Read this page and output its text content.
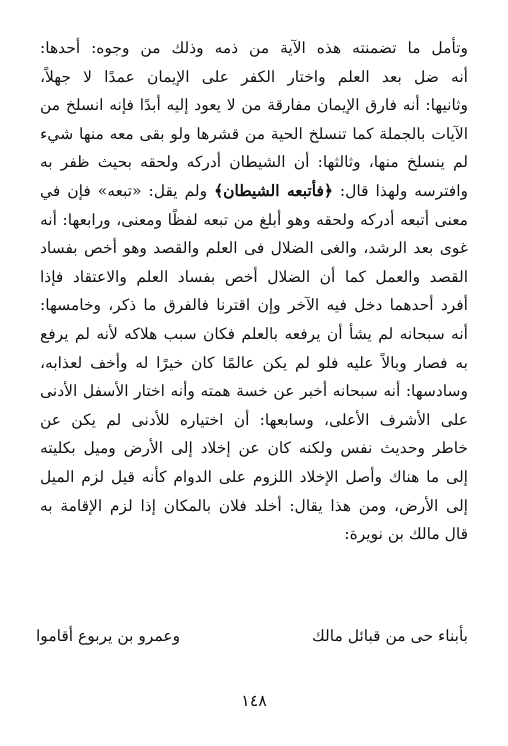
وتأمل ما تضمنته هذه الآية من ذمه وذلك من وجوه: أحدها:
أنه ضل بعد العلم واختار الكفر على الإيمان عمدًا لا جهلاً،
وثانيها: أنه فارق الإيمان مفارقة من لا يعود إليه أبدًا فإنه انسلخ من
الآيات بالجملة كما تنسلخ الحية من قشرها ولو بقى معه منها شيء
لم ينسلخ منها، وثالثها: أن الشيطان أدركه ولحقه بحيث ظفر به
وافترسه ولهذا قال: ﴿فأتبعه الشيطان﴾ ولم يقل: «تبعه» فإن في
معنى أتبعه أدركه ولحقه وهو أبلغ من تبعه لفظًا ومعنى، ورابعها: أنه
غوى بعد الرشد، والغى الضلال فى العلم والقصد وهو أخص بفساد
القصد والعمل كما أن الضلال أخص بفساد العلم والاعتقاد فإذا
أفرد أحدهما دخل فيه الآخر وإن اقترنا فالفرق ما ذكر، وخامسها:
أنه سبحانه لم يشأ أن يرفعه بالعلم فكان سبب هلاكه لأنه لم يرفع
به فصار وبالاً عليه فلو لم يكن عالمًا كان خيرًا له وأخف لعذابه،
وسادسها: أنه سبحانه أخبر عن خسة همته وأنه اختار الأسفل الأدنى
على الأشرف الأعلى، وسابعها: أن اختياره للأدنى لم يكن عن
خاطر وحديث نفس ولكنه كان عن إخلاد إلى الأرض وميل بكليته
إلى ما هناك وأصل الإخلاد اللزوم على الدوام كأنه قيل لزم الميل
إلى الأرض، ومن هذا يقال: أخلد فلان بالمكان إذا لزم الإقامة به
قال مالك بن نويرة:
بأبناء حى من قبائل مالك
وعمرو بن يربوع أقاموا
١٤٨
